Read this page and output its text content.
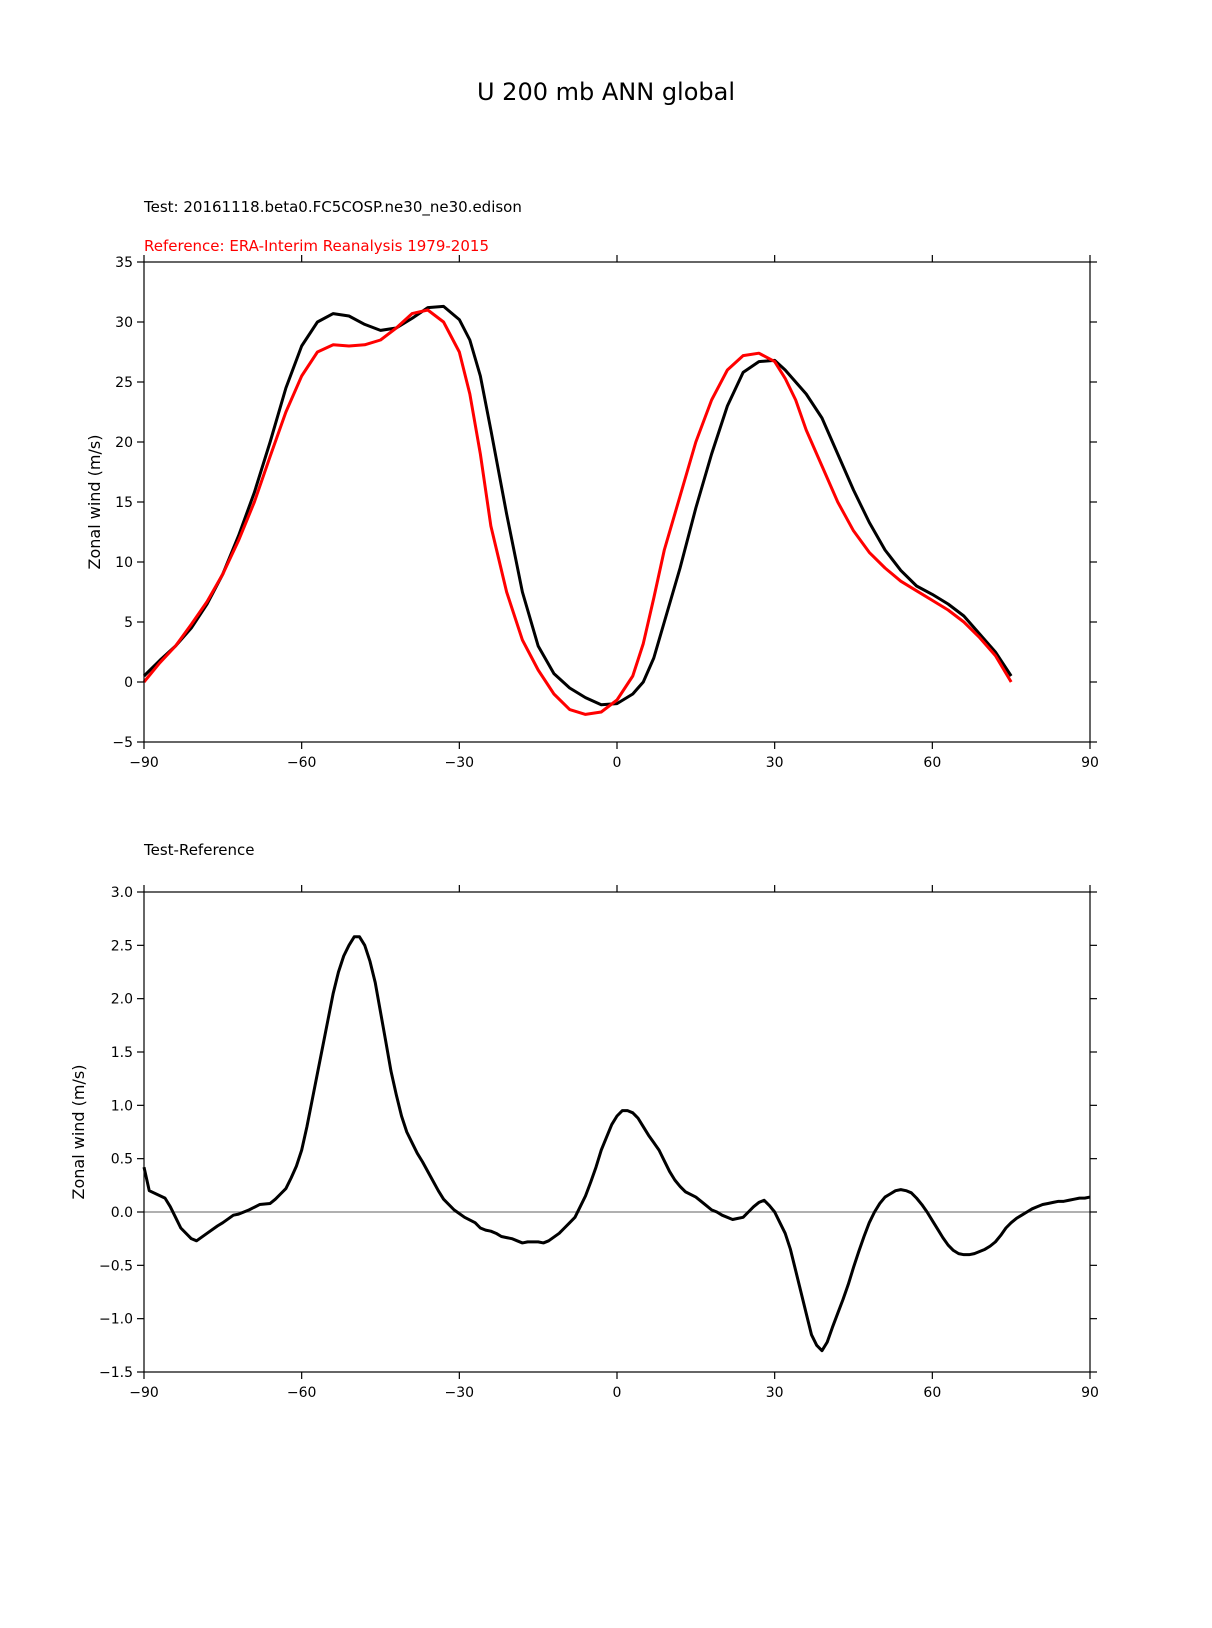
U 200 mb ANN global
Test: 20161118.beta0.FC5COSP.ne30_ne30.edison
Reference: ERA-Interim Reanalysis 1979-2015
−90	−60	−30	0	30	60	90
−5
0
5
10
15
20
25
30
35
Zonal wind (m/s)
Test-Reference
−90	−60	−30	0	30	60	90
−1.5
−1.0
−0.5
0.0
0.5
1.0
1.5
2.0
2.5
3.0
Zonal wind (m/s)
